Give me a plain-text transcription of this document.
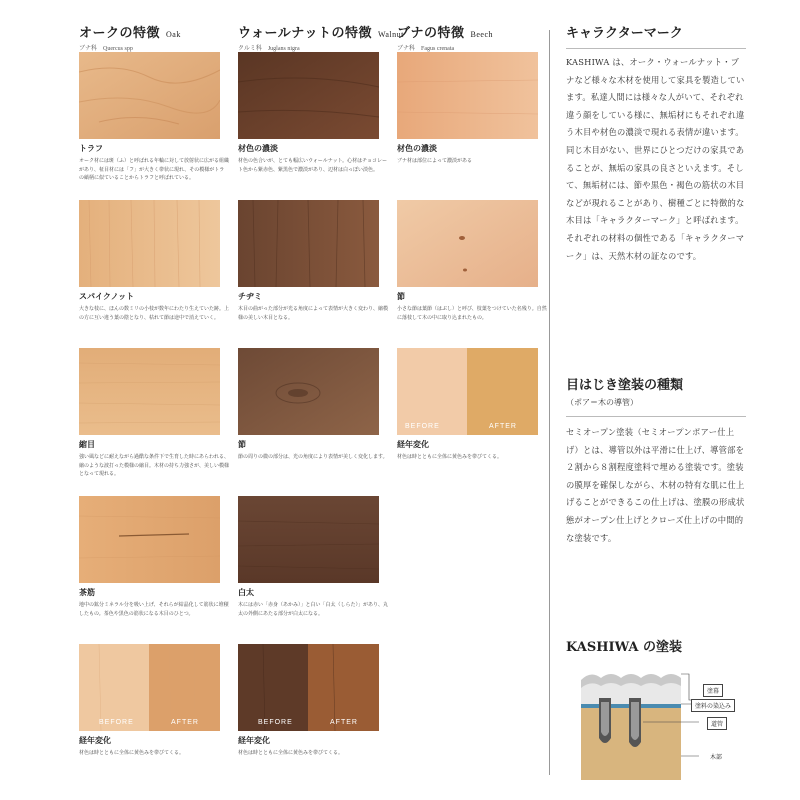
オークの特徴 Oak
ブナ科　Quercus spp
ウォールナットの特徴 Walnut
クルミ科　Juglans nigra
ブナの特徴 Beech
ブナ科　Fagus crenata
トラフ
オーク材には斑（ふ）と呼ばれる年輪に対して放射状に広がる組織があり、柾目材には「フ」が大きく帯状に現れ、その模様がトラの縞柄に似ていることからトラフと呼ばれている。
スパイクノット
大きな枝に、ほんの数ミリの小枝が数年にわたり生えていた跡。上の方に互い違う葉の陰となり、枯れて節は途中で消えていく。
縮目
強い風などに耐えながら過酷な条件下で生育した時にあらわれる、縮のような波打った模様の縮目。木材の持ち力強さが、美しい模様となって現れる。
茶筋
地中の鉱分ミネラル分を吸い上げ、それらが結晶化して筋状に堆積したもの。茶色や黒色の筋状になる木目のひとつ。
BEFORE	AFTER
経年変化
材色は時とともに全体に黄色みを帯びてくる。
材色の濃淡
材色の色合いが、とても幅広いウォールナット。心材はチョコレート色から紫赤色、紫黒色で濃淡があり、辺材は白っぽい淡色。
チヂミ
木目の曲がった部分が光る角度によって表情が大きく変わり、縮模様の美しい木目となる。
節
節の周りの微の部分は、光の角度により表情が美しく変化します。
白太
木には赤い「赤身（あかみ）」と白い「白太（しらた）」があり、丸太の外側にあたる部分が白太になる。
BEFORE	AFTER
経年変化
材色は時とともに全体に黄色みを帯びてくる。
材色の濃淡
ブナ材は部位によって濃淡がある
節
小さな節は葉節（はぶし）と呼び、枝葉をつけていた名残り。自然に落枝して木の中に取り込まれたもの。
BEFORE	AFTER
経年変化
材色は時とともに全体に黄色みを帯びてくる。
キャラクターマーク
KASHIWA は、オーク・ウォールナット・ブナなど様々な木材を使用して家具を製造しています。私達人間には様々な人がいて、それぞれ違う顔をしている様に、無垢材にもそれぞれ違う木目や材色の濃淡で現れる表情が違います。同じ木目がない、世界にひとつだけの家具であることが、無垢の家具の良さといえます。そして、無垢材には、節や黒色・褐色の筋状の木目などが現れることがあり、樹種ごとに特徴的な木目は「キャラクターマーク」と呼ばれます。それぞれの材料の個性である「キャラクターマーク」は、天然木材の証なのです。
目はじき塗装の種類
（ポア＝木の導管）
セミオープン塗装（セミオープンポアー仕上げ）とは、導管以外は平滑に仕上げ、導管部を２割から８割程度塗料で埋める塗装です。塗装の膜厚を確保しながら、木材の特有な肌に仕上げることができるこの仕上げは、塗膜の形成状態がオープン仕上げとクローズ仕上げの中間的な塗装です。
KASHIWA の塗装
塗幕
塗料の染込み
道管
木部
